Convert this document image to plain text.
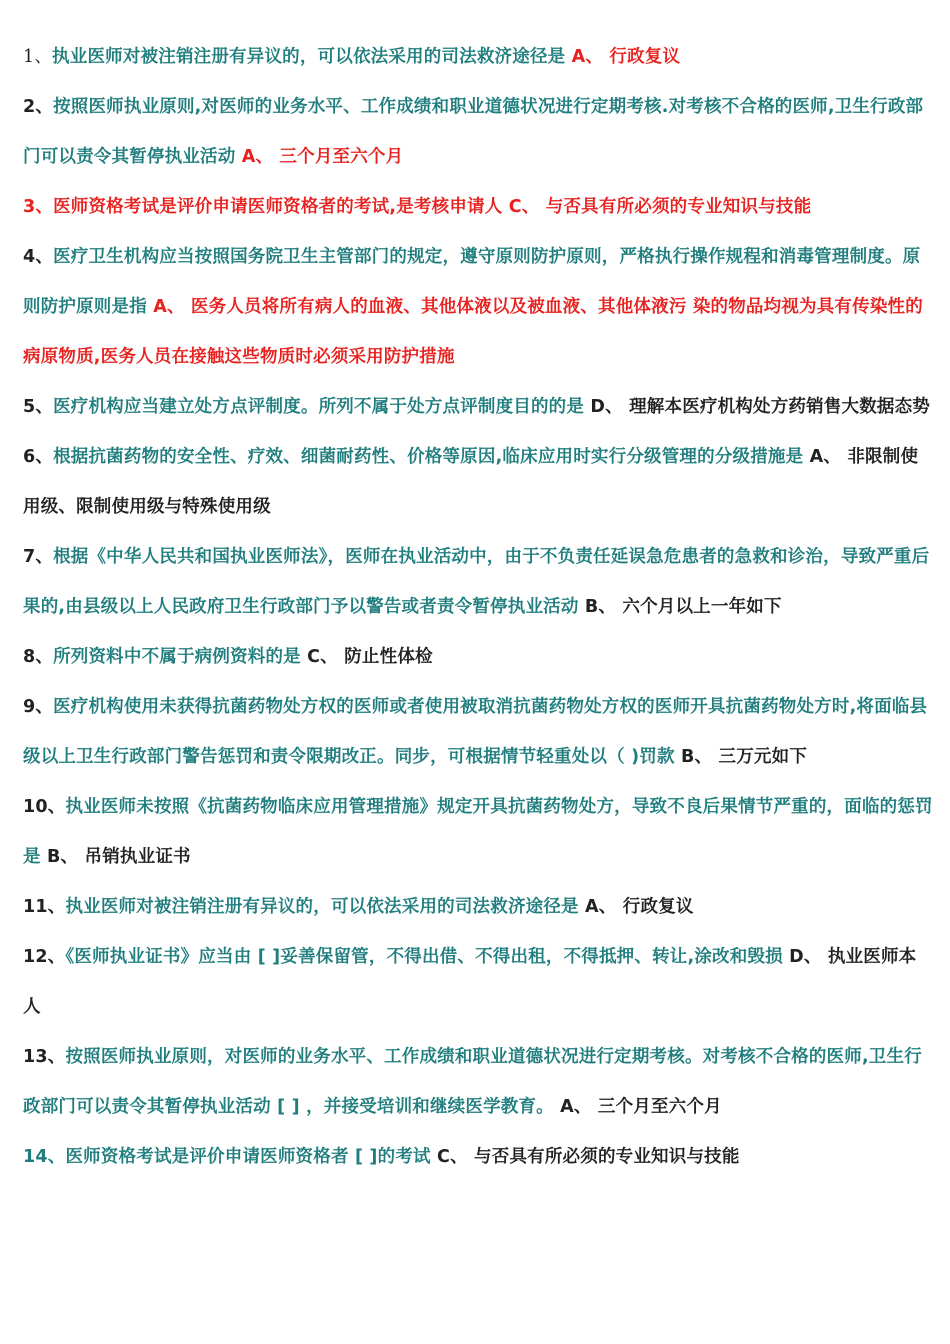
1、执业医师对被注销注册有异议的，可以依法采用的司法救济途径是 A、 行政复议

2、按照医师执业原则,对医师的业务水平、工作成绩和职业道德状况进行定期考核.对考核不合格的医师,卫生行政部门可以责令其暂停执业活动 A、 三个月至六个月

3、医师资格考试是评价申请医师资格者的考试,是考核申请人 C、 与否具有所必须的专业知识与技能

4、医疗卫生机构应当按照国务院卫生主管部门的规定，遵守原则防护原则，严格执行操作规程和消毒管理制度。原则防护原则是指 A、 医务人员将所有病人的血液、其他体液以及被血液、其他体液污 染的物品均视为具有传染性的病原物质,医务人员在接触这些物质时必须采用防护措施

5、医疗机构应当建立处方点评制度。所列不属于处方点评制度目的的是 D、 理解本医疗机构处方药销售大数据态势

6、根据抗菌药物的安全性、疗效、细菌耐药性、价格等原因,临床应用时实行分级管理的分级措施是 A、 非限制使用级、限制使用级与特殊使用级

7、根据《中华人民共和国执业医师法》，医师在执业活动中，由于不负责任延误急危患者的急救和诊治，导致严重后果的,由县级以上人民政府卫生行政部门予以警告或者责令暂停执业活动 B、 六个月以上一年如下

8、所列资料中不属于病例资料的是 C、 防止性体检

9、医疗机构使用未获得抗菌药物处方权的医师或者使用被取消抗菌药物处方权的医师开具抗菌药物处方时,将面临县级以上卫生行政部门警告惩罚和责令限期改正。同步，可根据情节轻重处以（ )罚款 B、 三万元如下

10、执业医师未按照《抗菌药物临床应用管理措施》规定开具抗菌药物处方，导致不良后果情节严重的，面临的惩罚是 B、 吊销执业证书

11、执业医师对被注销注册有异议的，可以依法采用的司法救济途径是 A、 行政复议

12、《医师执业证书》应当由 [ ]妥善保留管，不得出借、不得出租，不得抵押、转让,涂改和毁损 D、 执业医师本人

13、按照医师执业原则，对医师的业务水平、工作成绩和职业道德状况进行定期考核。对考核不合格的医师,卫生行政部门可以责令其暂停执业活动 [ ] ，并接受培训和继续医学教育。 A、 三个月至六个月

14、医师资格考试是评价申请医师资格者 [ ]的考试 C、 与否具有所必须的专业知识与技能
